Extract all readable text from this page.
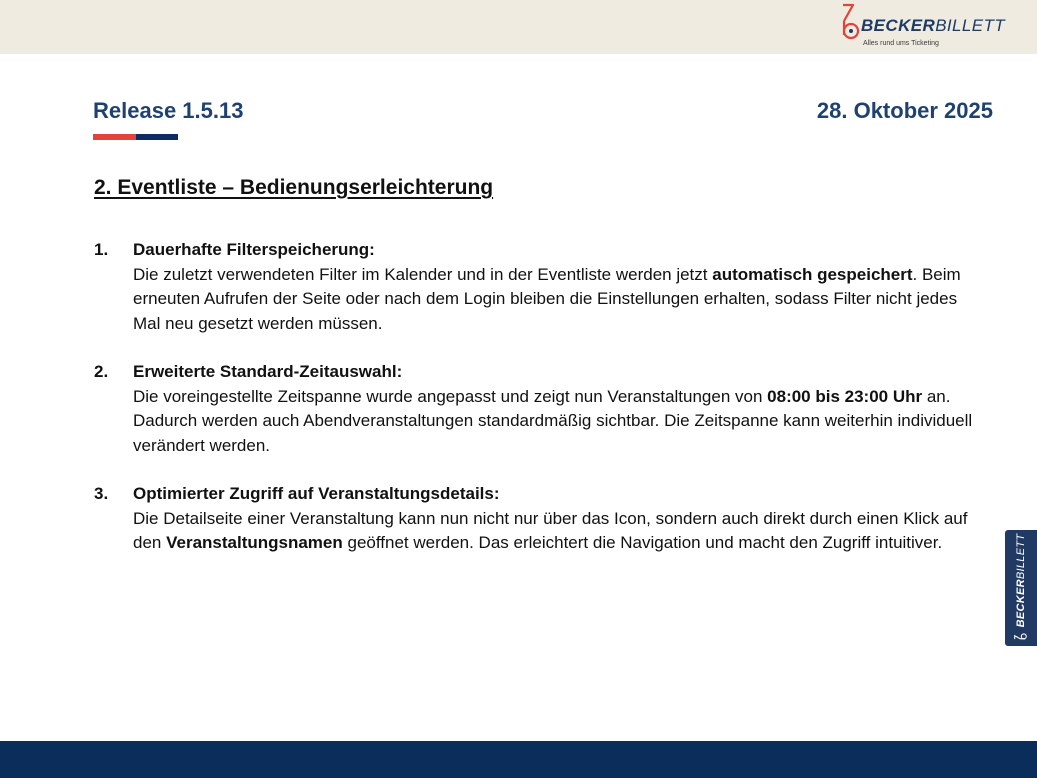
BECKERBILLETT
Alles rund ums Ticketing
Release 1.5.13	28. Oktober 2025
2. Eventliste – Bedienungserleichterung
1. Dauerhafte Filterspeicherung:
Die zuletzt verwendeten Filter im Kalender und in der Eventliste werden jetzt automatisch gespeichert. Beim erneuten Aufrufen der Seite oder nach dem Login bleiben die Einstellungen erhalten, sodass Filter nicht jedes Mal neu gesetzt werden müssen.
2. Erweiterte Standard-Zeitauswahl:
Die voreingestellte Zeitspanne wurde angepasst und zeigt nun Veranstaltungen von 08:00 bis 23:00 Uhr an. Dadurch werden auch Abendveranstaltungen standardmäßig sichtbar. Die Zeitspanne kann weiterhin individuell verändert werden.
3. Optimierter Zugriff auf Veranstaltungsdetails:
Die Detailseite einer Veranstaltung kann nun nicht nur über das Icon, sondern auch direkt durch einen Klick auf den Veranstaltungsnamen geöffnet werden. Das erleichtert die Navigation und macht den Zugriff intuitiver.
BECKERBILLETT
